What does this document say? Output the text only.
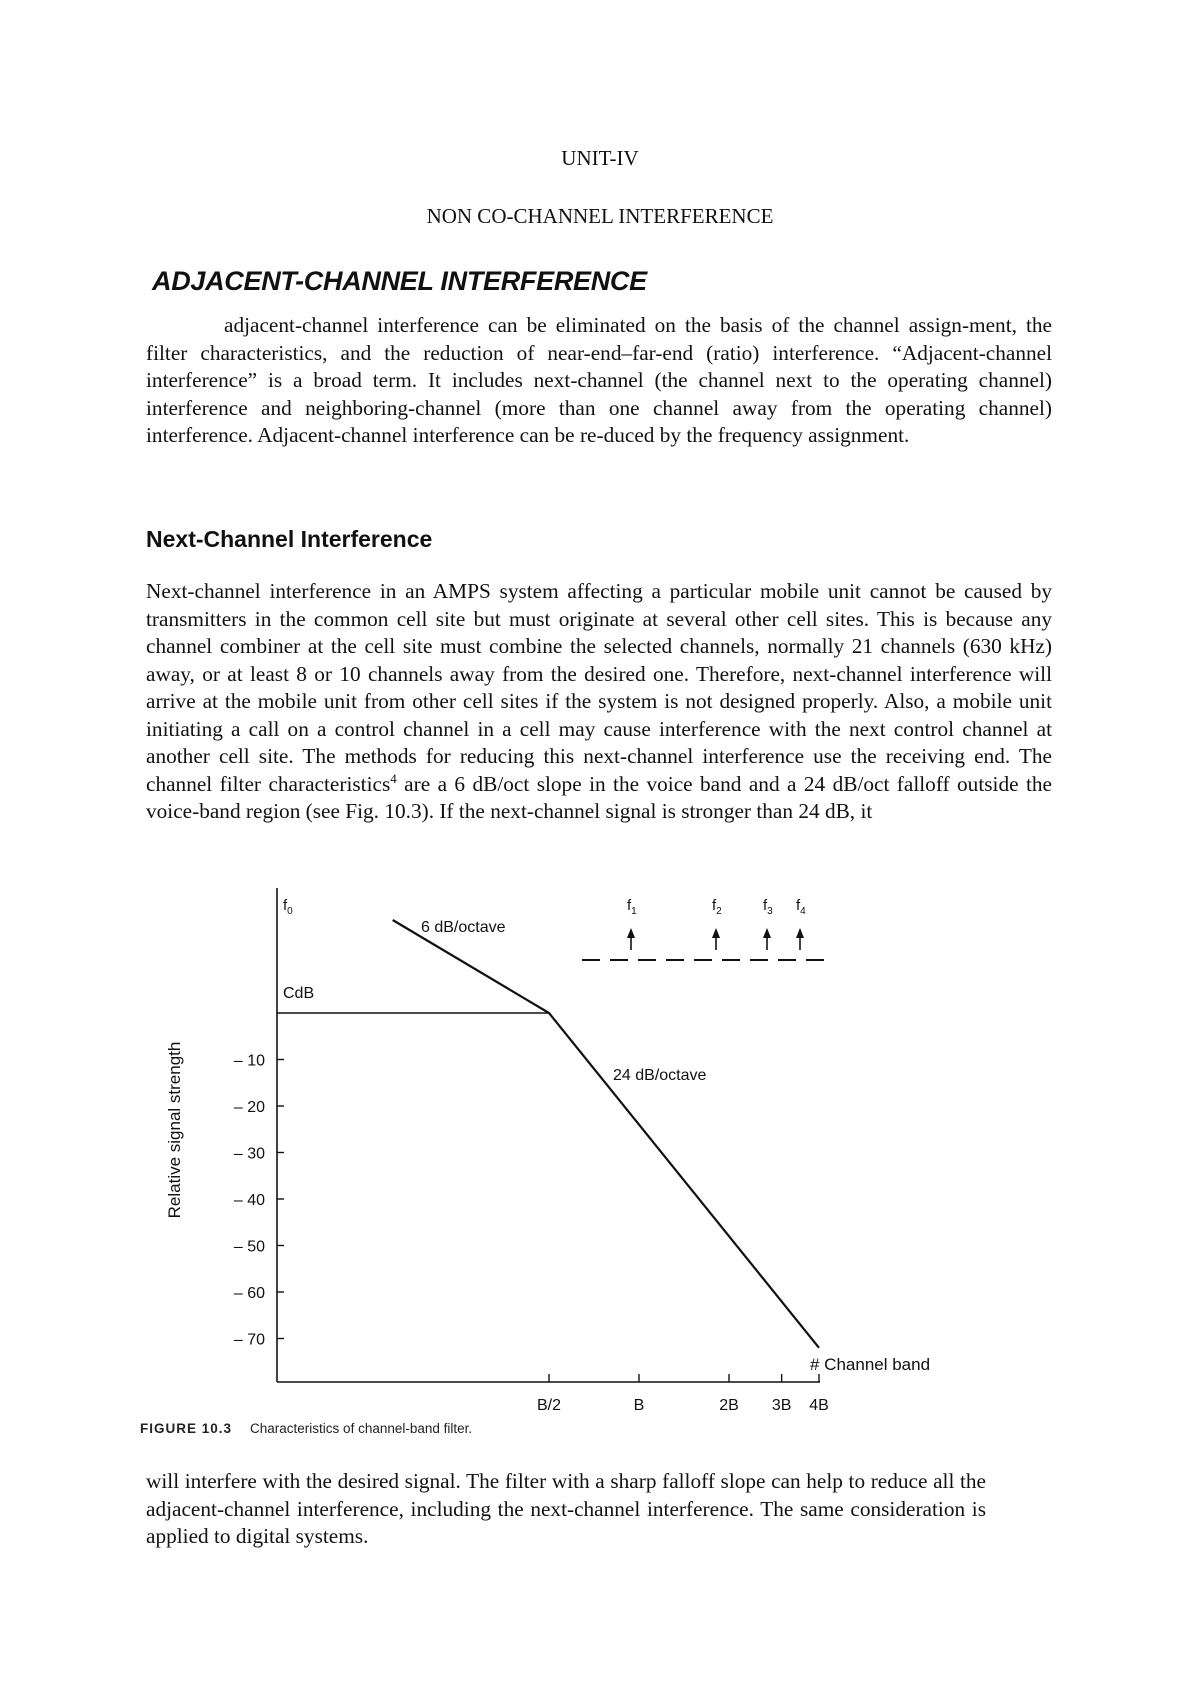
UNIT-IV
NON CO-CHANNEL INTERFERENCE
ADJACENT-CHANNEL INTERFERENCE

adjacent-channel interference can be eliminated on the basis of the channel assign-ment, the filter characteristics, and the reduction of near-end–far-end (ratio) interference. “Adjacent-channel interference” is a broad term. It includes next-channel (the channel next to the operating channel) interference and neighboring-channel (more than one channel away from the operating channel) interference. Adjacent-channel interference can be re-duced by the frequency assignment.

Next-Channel Interference

Next-channel interference in an AMPS system affecting a particular mobile unit cannot be caused by transmitters in the common cell site but must originate at several other cell sites. This is because any channel combiner at the cell site must combine the selected channels, normally 21 channels (630 kHz) away, or at least 8 or 10 channels away from the desired one. Therefore, next-channel interference will arrive at the mobile unit from other cell sites if the system is not designed properly. Also, a mobile unit initiating a call on a control channel in a cell may cause interference with the next control channel at another cell site. The methods for reducing this next-channel interference use the receiving end. The channel filter characteristics$^4$ are a 6 dB/oct slope in the voice band and a 24 dB/oct falloff outside the voice-band region (see Fig. 10.3). If the next-channel signal is stronger than 24 dB, it

Relative signal strength
# Channel band
CdB
$f_0$
6 dB/octave
24 dB/octave
– 10
– 20
– 30
– 40
– 50
– 60
– 70
B/2	B	2B 3B 4B
$f_1$	$f_2$	$f_3$ $f_4$
FIGURE 10.3 Characteristics of channel-band filter.

will interfere with the desired signal. The filter with a sharp falloff slope can help to reduce all the adjacent-channel interference, including the next-channel interference. The same consideration is applied to digital systems.
